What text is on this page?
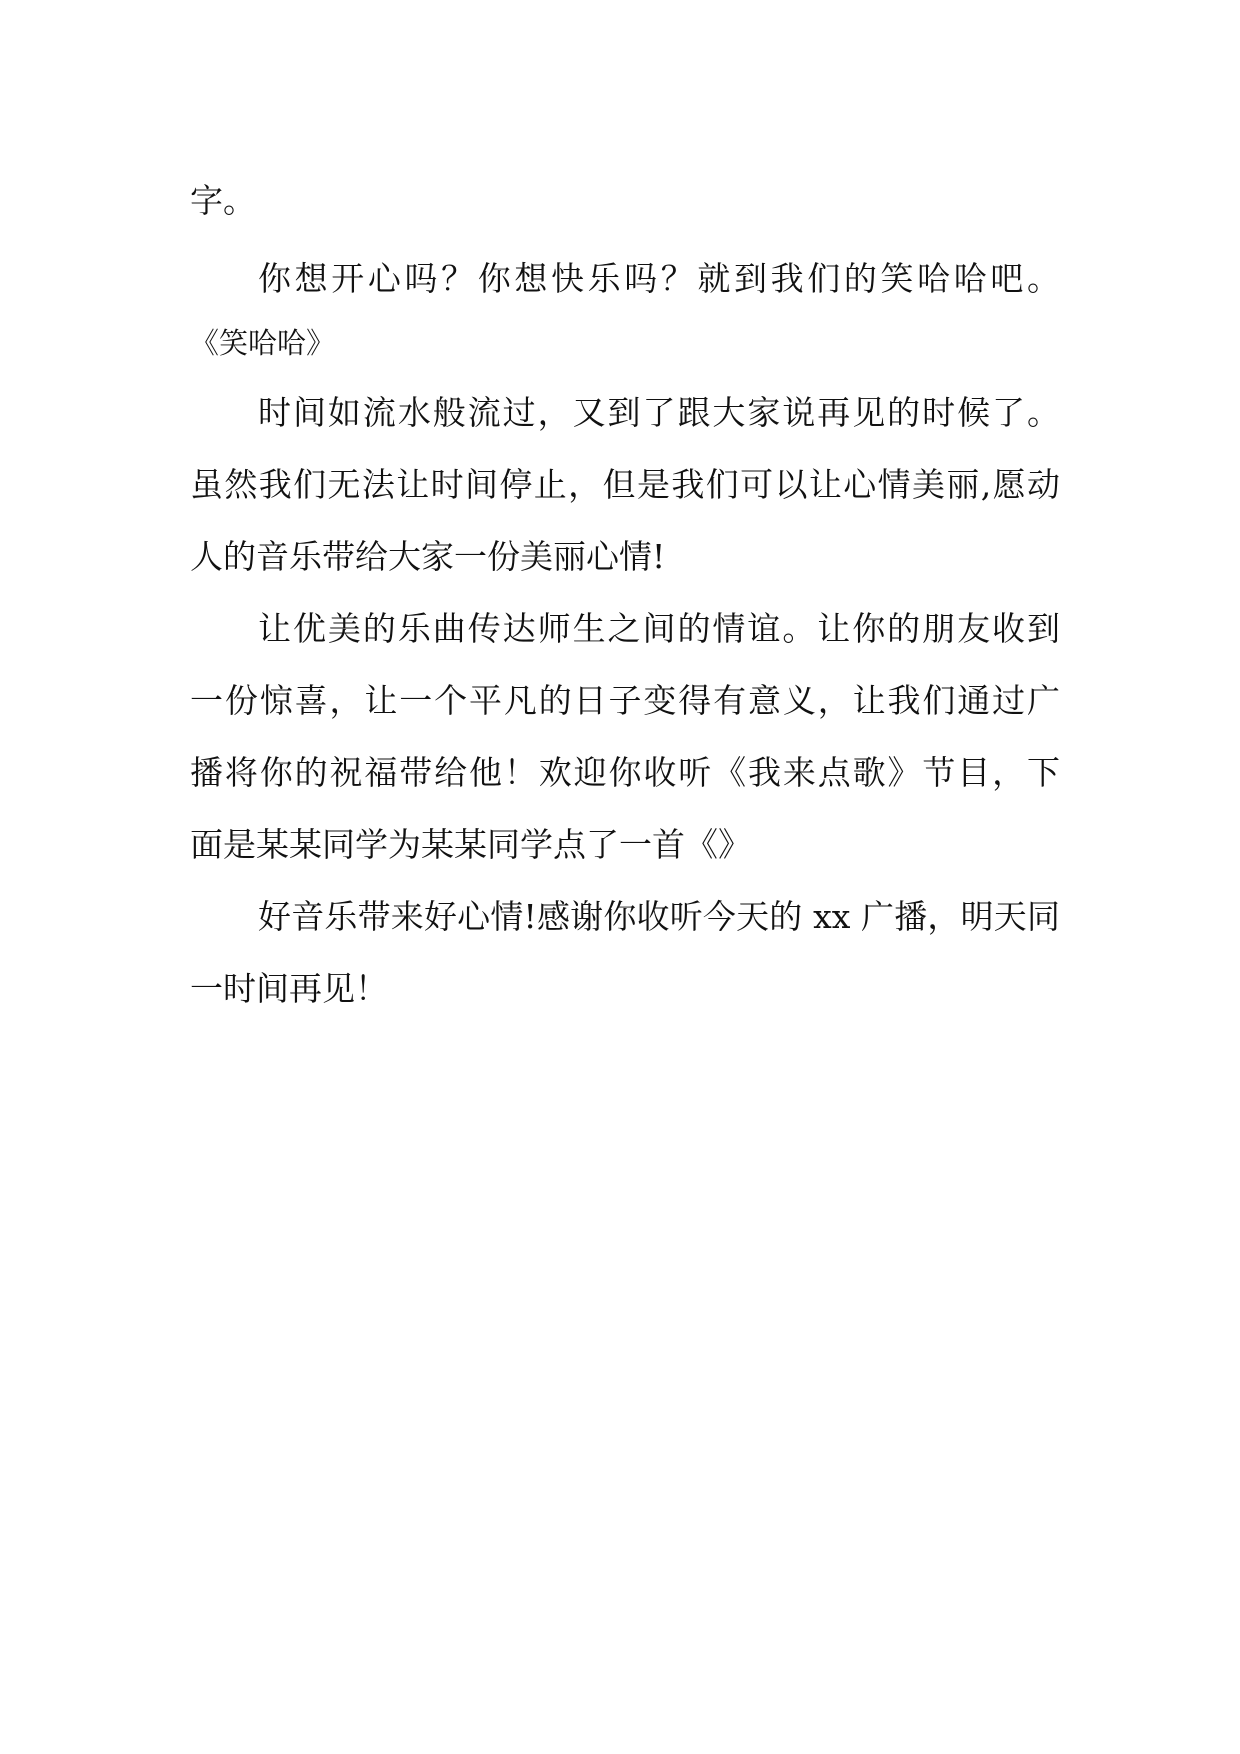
字。
你想开心吗？你想快乐吗？就到我们的笑哈哈吧。
《笑哈哈》
时间如流水般流过，又到了跟大家说再见的时候了。
虽然我们无法让时间停止，但是我们可以让心情美丽,愿动
人的音乐带给大家一份美丽心情!
让优美的乐曲传达师生之间的情谊。让你的朋友收到
一份惊喜，让一个平凡的日子变得有意义，让我们通过广
播将你的祝福带给他！欢迎你收听《我来点歌》节目，下
面是某某同学为某某同学点了一首《》
好音乐带来好心情!感谢你收听今天的 xx 广播，明天同
一时间再见！
